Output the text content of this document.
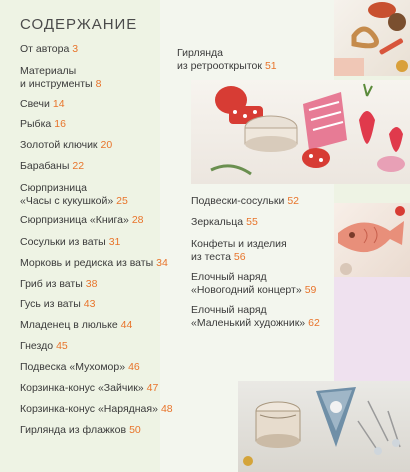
СОДЕРЖАНИЕ
От автора 3
Материалы
и инструменты 8
Свечи 14
Рыбка 16
Золотой ключик 20
Барабаны 22
Сюрпризница
«Часы с кукушкой» 25
Сюрпризница «Книга» 28
Сосульки из ваты 31
Морковь и редиска из ваты 34
Гриб из ваты 38
Гусь из ваты 43
Младенец в люльке 44
Гнездо 45
Подвеска «Мухомор» 46
Корзинка-конус «Зайчик» 47
Корзинка-конус «Нарядная» 48
Гирлянда из флажков 50
Гирлянда
из ретрооткрыток 51
Подвески-сосульки 52
Зеркальца 55
Конфеты и изделия
из теста 56
Елочный наряд
«Новогодний концерт» 59
Елочный наряд
«Маленький художник» 62
